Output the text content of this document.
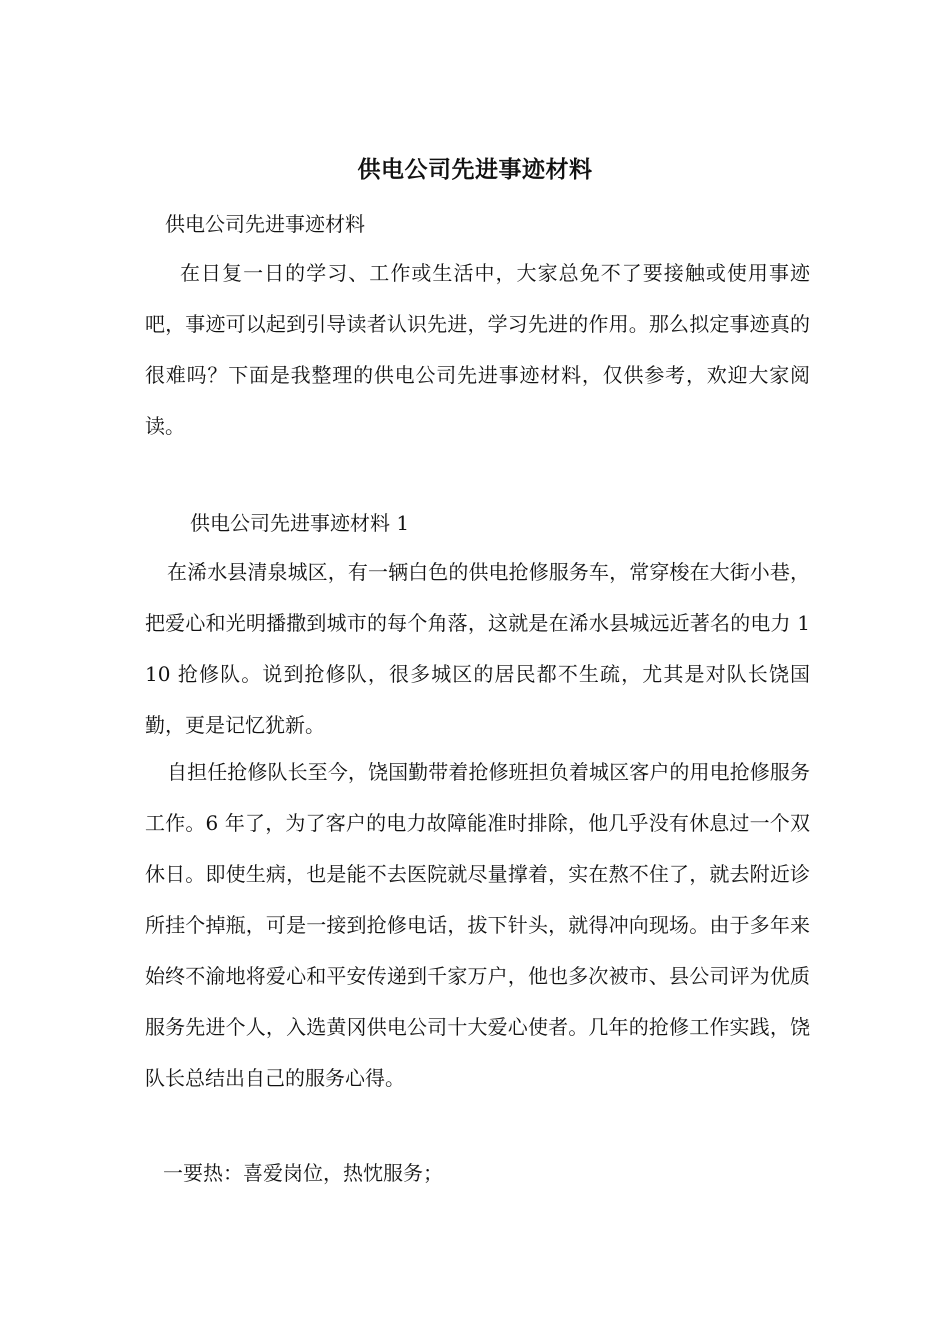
供电公司先进事迹材料
供电公司先进事迹材料
在日复一日的学习、工作或生活中，大家总免不了要接触或使用事迹吧，事迹可以起到引导读者认识先进，学习先进的作用。那么拟定事迹真的很难吗？下面是我整理的供电公司先进事迹材料，仅供参考，欢迎大家阅读。
供电公司先进事迹材料 1
在浠水县清泉城区，有一辆白色的供电抢修服务车，常穿梭在大街小巷，把爱心和光明播撒到城市的每个角落，这就是在浠水县城远近著名的电力 110 抢修队。说到抢修队，很多城区的居民都不生疏，尤其是对队长饶国勤，更是记忆犹新。
自担任抢修队长至今，饶国勤带着抢修班担负着城区客户的用电抢修服务工作。6 年了，为了客户的电力故障能准时排除，他几乎没有休息过一个双休日。即使生病，也是能不去医院就尽量撑着，实在熬不住了，就去附近诊所挂个掉瓶，可是一接到抢修电话，拔下针头，就得冲向现场。由于多年来始终不渝地将爱心和平安传递到千家万户，他也多次被市、县公司评为优质服务先进个人，入选黄冈供电公司十大爱心使者。几年的抢修工作实践，饶队长总结出自己的服务心得。
一要热：喜爱岗位，热忱服务；
